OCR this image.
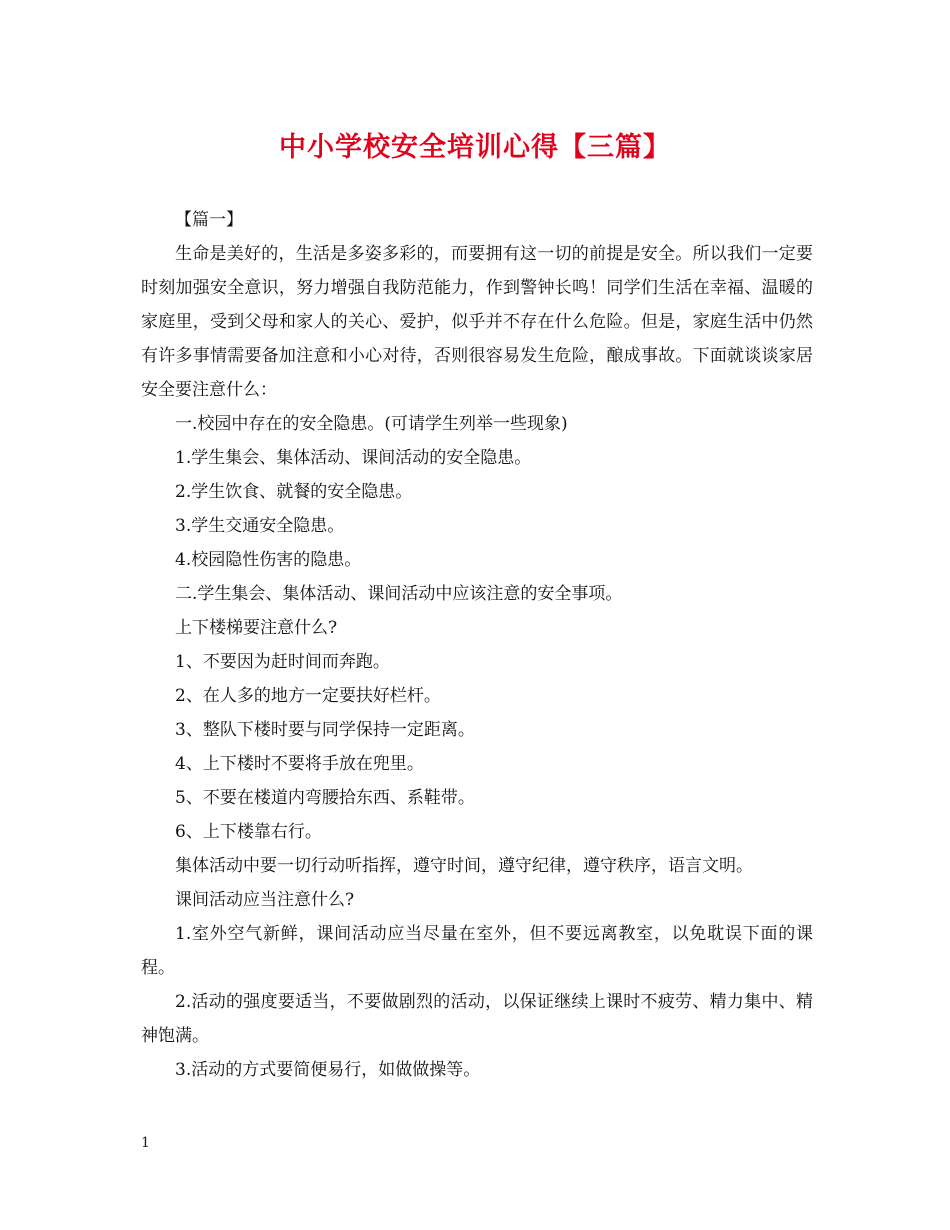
中小学校安全培训心得【三篇】

【篇一】

生命是美好的，生活是多姿多彩的，而要拥有这一切的前提是安全。所以我们一定要时刻加强安全意识，努力增强自我防范能力，作到警钟长鸣！同学们生活在幸福、温暖的家庭里，受到父母和家人的关心、爱护，似乎并不存在什么危险。但是，家庭生活中仍然有许多事情需要备加注意和小心对待，否则很容易发生危险，酿成事故。下面就谈谈家居安全要注意什么：

一.校园中存在的安全隐患。(可请学生列举一些现象)

1.学生集会、集体活动、课间活动的安全隐患。

2.学生饮食、就餐的安全隐患。

3.学生交通安全隐患。

4.校园隐性伤害的隐患。

二.学生集会、集体活动、课间活动中应该注意的安全事项。

上下楼梯要注意什么?

1、不要因为赶时间而奔跑。

2、在人多的地方一定要扶好栏杆。

3、整队下楼时要与同学保持一定距离。

4、上下楼时不要将手放在兜里。

5、不要在楼道内弯腰拾东西、系鞋带。

6、上下楼靠右行。

集体活动中要一切行动听指挥，遵守时间，遵守纪律，遵守秩序，语言文明。

课间活动应当注意什么?

1.室外空气新鲜，课间活动应当尽量在室外，但不要远离教室，以免耽误下面的课程。

2.活动的强度要适当，不要做剧烈的活动，以保证继续上课时不疲劳、精力集中、精神饱满。

3.活动的方式要简便易行，如做做操等。

1
